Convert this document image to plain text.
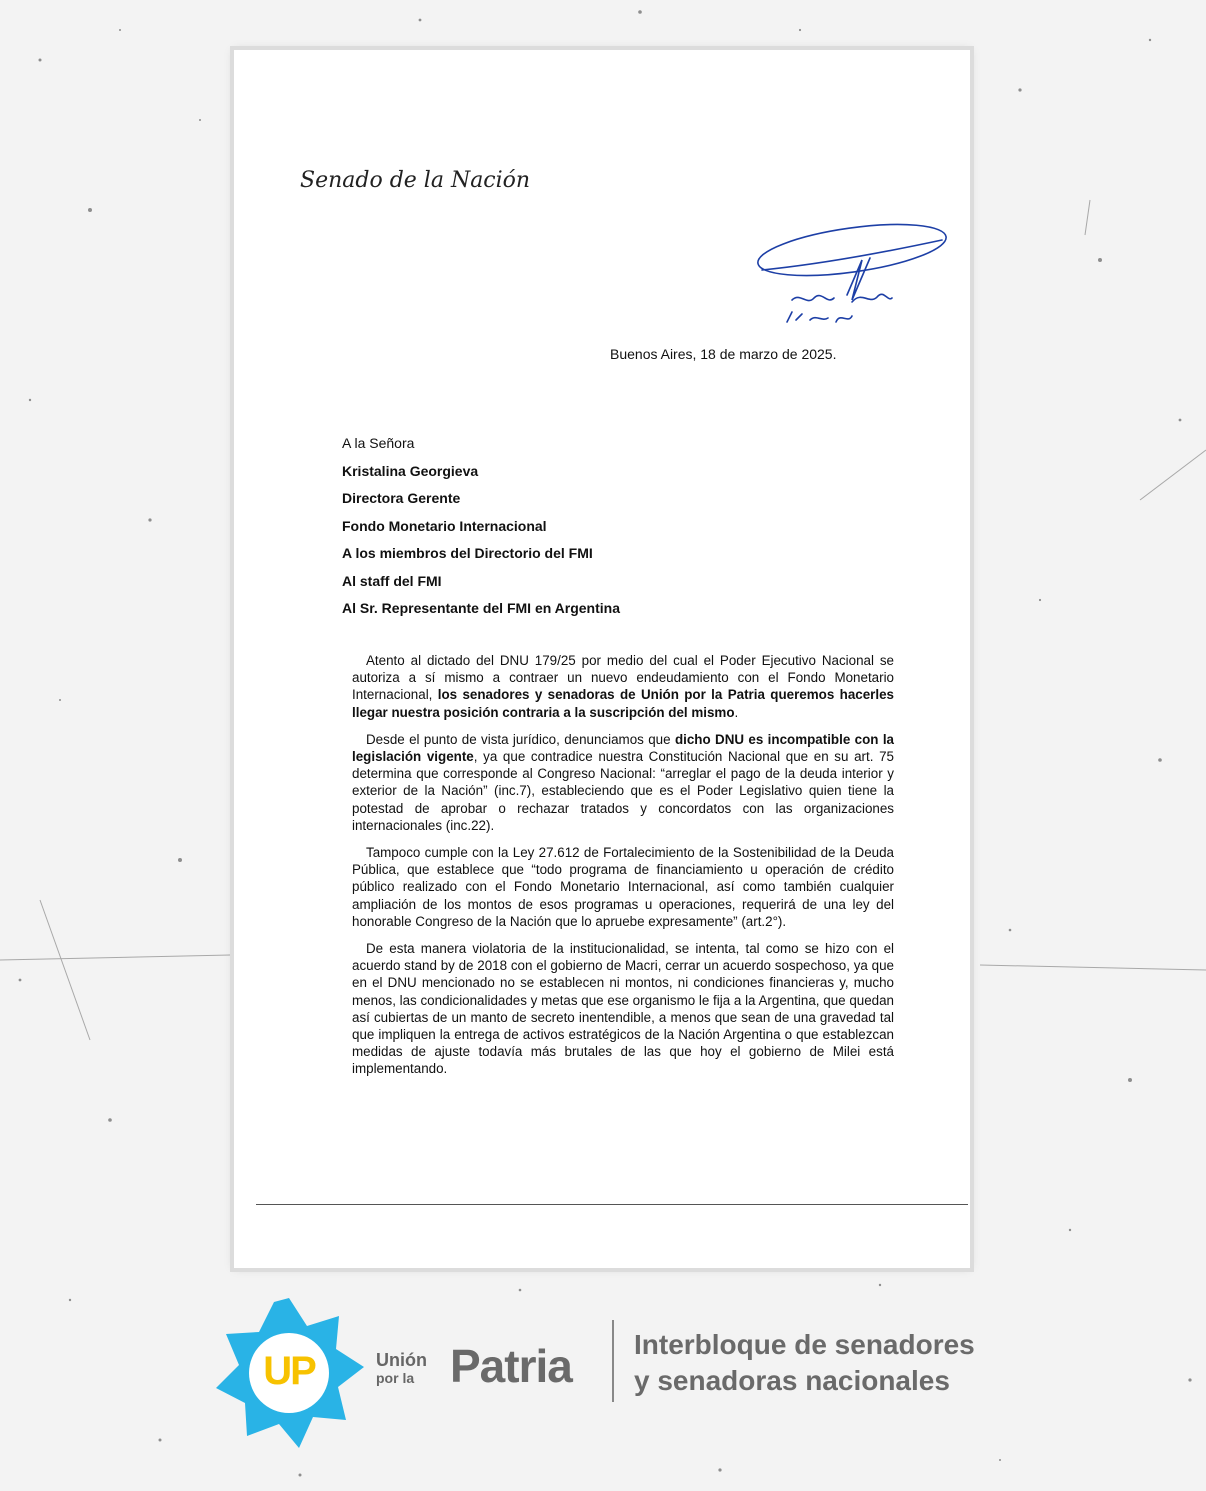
Senado de la Nación
Buenos Aires, 18 de marzo de 2025.
A la Señora
Kristalina Georgieva
Directora Gerente
Fondo Monetario Internacional
A los miembros del Directorio del FMI
Al staff del FMI
Al Sr. Representante del FMI en Argentina

Atento al dictado del DNU 179/25 por medio del cual el Poder Ejecutivo Nacional se autoriza a sí mismo a contraer un nuevo endeudamiento con el Fondo Monetario Internacional, los senadores y senadoras de Unión por la Patria queremos hacerles llegar nuestra posición contraria a la suscripción del mismo.

Desde el punto de vista jurídico, denunciamos que dicho DNU es incompatible con la legislación vigente, ya que contradice nuestra Constitución Nacional que en su art. 75 determina que corresponde al Congreso Nacional: “arreglar el pago de la deuda interior y exterior de la Nación” (inc.7), estableciendo que es el Poder Legislativo quien tiene la potestad de aprobar o rechazar tratados y concordatos con las organizaciones internacionales (inc.22).

Tampoco cumple con la Ley 27.612 de Fortalecimiento de la Sostenibilidad de la Deuda Pública, que establece que “todo programa de financiamiento u operación de crédito público realizado con el Fondo Monetario Internacional, así como también cualquier ampliación de los montos de esos programas u operaciones, requerirá de una ley del honorable Congreso de la Nación que lo apruebe expresamente” (art.2°).

De esta manera violatoria de la institucionalidad, se intenta, tal como se hizo con el acuerdo stand by de 2018 con el gobierno de Macri, cerrar un acuerdo sospechoso, ya que en el DNU mencionado no se establecen ni montos, ni condiciones financieras y, mucho menos, las condicionalidades y metas que ese organismo le fija a la Argentina, que quedan así cubiertas de un manto de secreto inentendible, a menos que sean de una gravedad tal que impliquen la entrega de activos estratégicos de la Nación Argentina o que establezcan medidas de ajuste todavía más brutales de las que hoy el gobierno de Milei está implementando.

UP	Unión
por la Patria Interbloque de senadores
y senadoras nacionales
